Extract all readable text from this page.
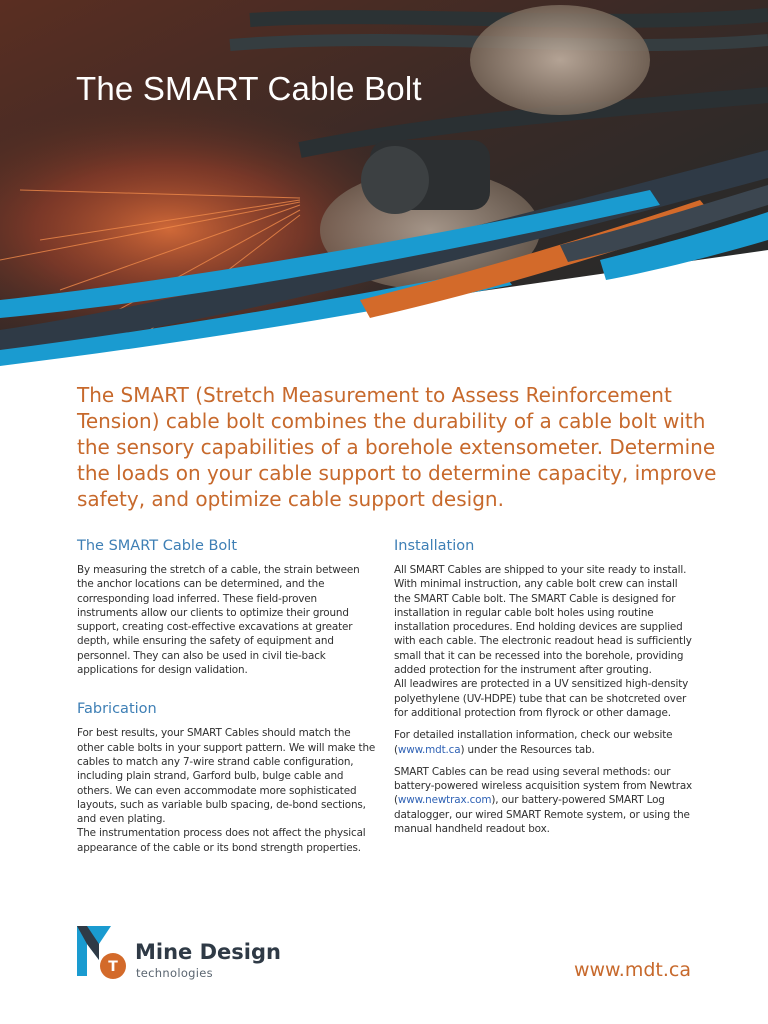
The SMART Cable Bolt

The SMART (Stretch Measurement to Assess Reinforcement Tension) cable bolt combines the durability of a cable bolt with the sensory capabilities of a borehole extensometer. Determine the loads on your cable support to determine capacity, improve safety, and optimize cable support design.

The SMART Cable Bolt

By measuring the stretch of a cable, the strain between the anchor locations can be determined, and the corresponding load inferred. These field-proven instruments allow our clients to optimize their ground support, creating cost-effective excavations at greater depth, while ensuring the safety of equipment and personnel. They can also be used in civil tie-back applications for design validation.

Fabrication

For best results, your SMART Cables should match the other cable bolts in your support pattern. We will make the cables to match any 7-wire strand cable configuration, including plain strand, Garford bulb, bulge cable and others. We can even accommodate more sophisticated layouts, such as variable bulb spacing, de-bond sections, and even plating.

The instrumentation process does not affect the physical appearance of the cable or its bond strength properties.

Installation

All SMART Cables are shipped to your site ready to install. With minimal instruction, any cable bolt crew can install the SMART Cable bolt. The SMART Cable is designed for installation in regular cable bolt holes using routine installation procedures. End holding devices are supplied with each cable. The electronic readout head is sufficiently small that it can be recessed into the borehole, providing added protection for the instrument after grouting.

All leadwires are protected in a UV sensitized high-density polyethylene (UV-HDPE) tube that can be shotcreted over for additional protection from flyrock or other damage.

For detailed installation information, check our website (www.mdt.ca) under the Resources tab.

SMART Cables can be read using several methods: our battery-powered wireless acquisition system from Newtrax (www.newtrax.com), our battery-powered SMART Log datalogger, our wired SMART Remote system, or using the manual handheld readout box.

T

Mine Design

technologies	www.mdt.ca
